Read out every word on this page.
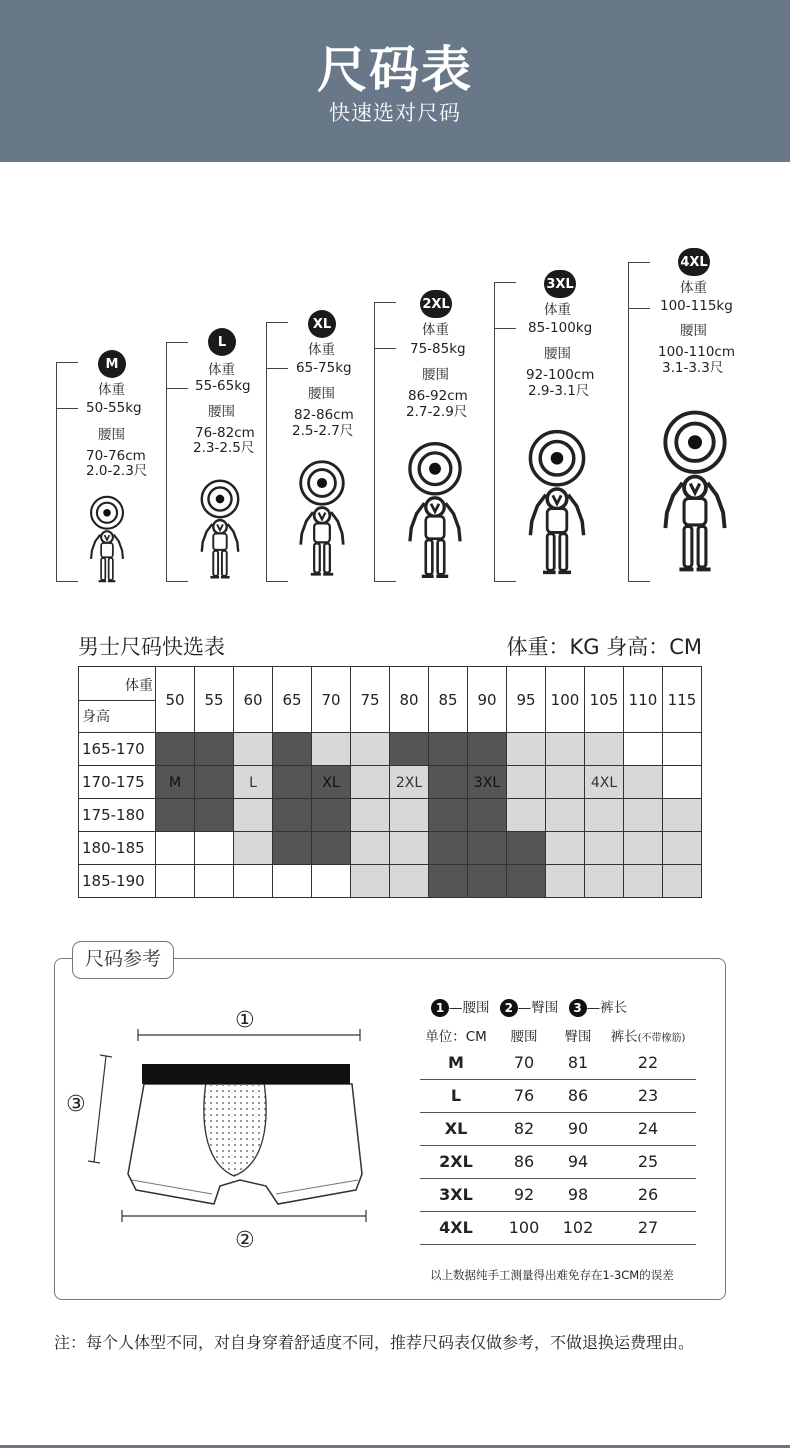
尺码表
快速选对尺码
M
体重
50-55kg
腰围
70-76cm
2.0-2.3尺
L
体重
55-65kg
腰围
76-82cm
2.3-2.5尺
XL
体重
65-75kg
腰围
82-86cm
2.5-2.7尺
2XL
体重
75-85kg
腰围
86-92cm
2.7-2.9尺
3XL
体重
85-100kg
腰围
92-100cm
2.9-3.1尺
4XL
体重
100-115kg
腰围
100-110cm
3.1-3.3尺
男士尺码快选表	体重：KG 身高：CM
体重
身高	50	55	60	65	70	75	80	85	90	95	100	105	110	115
165-170														
170-175	M		L		XL		2XL		3XL			4XL		
175-180														
180-185														
185-190														
尺码参考
①
③
②
1 —腰围 2 —臀围 3 —裤长
单位：CM	腰围	臀围	裤长(不带橡筋)
M	70	81	22
L	76	86	23
XL	82	90	24
2XL	86	94	25
3XL	92	98	26
4XL	100	102	27
以上数据纯手工测量得出难免存在1-3CM的误差
注：每个人体型不同，对自身穿着舒适度不同，推荐尺码表仅做参考，不做退换运费理由。
